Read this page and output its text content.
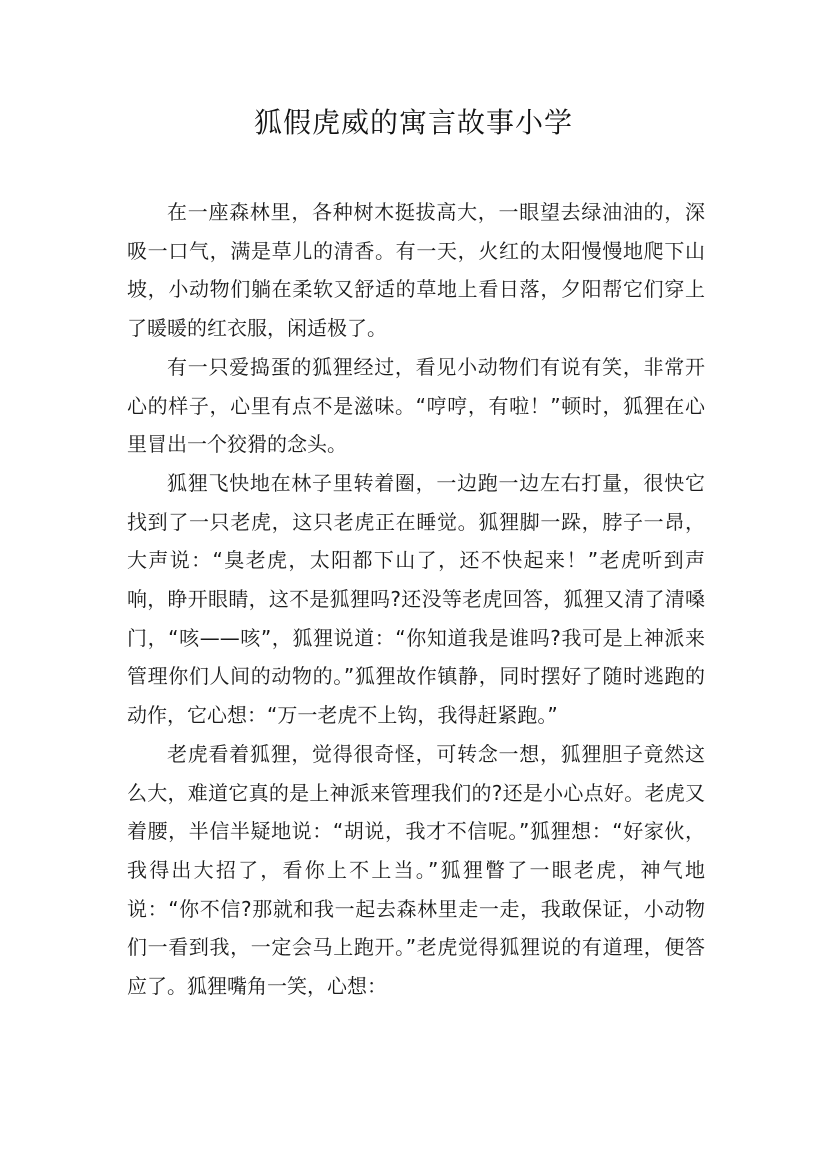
狐假虎威的寓言故事小学

在一座森林里，各种树木挺拔高大，一眼望去绿油油的，深吸一口气，满是草儿的清香。有一天，火红的太阳慢慢地爬下山坡，小动物们躺在柔软又舒适的草地上看日落，夕阳帮它们穿上了暖暖的红衣服，闲适极了。

有一只爱捣蛋的狐狸经过，看见小动物们有说有笑，非常开心的样子，心里有点不是滋味。“哼哼，有啦！”顿时，狐狸在心里冒出一个狡猾的念头。

狐狸飞快地在林子里转着圈，一边跑一边左右打量，很快它找到了一只老虎，这只老虎正在睡觉。狐狸脚一跺，脖子一昂，大声说：“臭老虎，太阳都下山了，还不快起来！”老虎听到声响，睁开眼睛，这不是狐狸吗?还没等老虎回答，狐狸又清了清嗓门，“咳——咳”，狐狸说道：“你知道我是谁吗?我可是上神派来管理你们人间的动物的。”狐狸故作镇静，同时摆好了随时逃跑的动作，它心想：“万一老虎不上钩，我得赶紧跑。”

老虎看着狐狸，觉得很奇怪，可转念一想，狐狸胆子竟然这么大，难道它真的是上神派来管理我们的?还是小心点好。老虎又着腰，半信半疑地说：“胡说，我才不信呢。”狐狸想：“好家伙，我得出大招了，看你上不上当。”狐狸瞥了一眼老虎，神气地说：“你不信?那就和我一起去森林里走一走，我敢保证，小动物们一看到我，一定会马上跑开。”老虎觉得狐狸说的有道理，便答应了。狐狸嘴角一笑，心想：
